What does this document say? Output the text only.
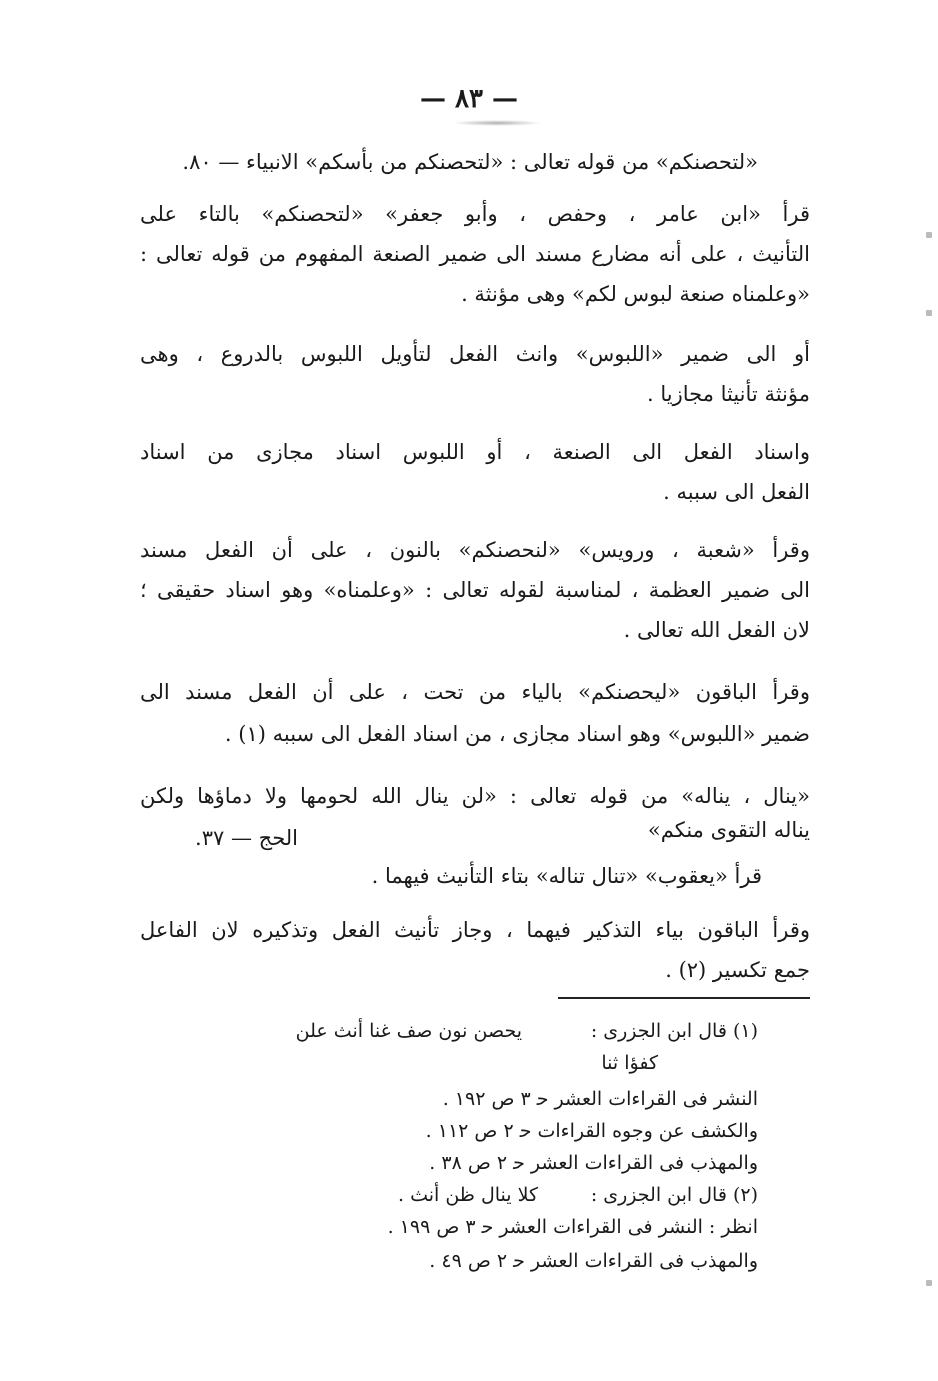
— ٨٣ —
«لتحصنكم» من قوله تعالى : «لتحصنكم من بأسكم» الانبياء — ٨٠.
قرأ «ابن عامر ، وحفص ، وأبو جعفر» «لتحصنكم» بالتاء على
التأنيث ، على أنه مضارع مسند الى ضمير الصنعة المفهوم من قوله تعالى :
«وعلمناه صنعة لبوس لكم» وهى مؤنثة .
أو الى ضمير «اللبوس» وانث الفعل لتأويل اللبوس بالدروع ، وهى
مؤنثة تأنيثا مجازيا .
واسناد الفعل الى الصنعة ، أو اللبوس اسناد مجازى من اسناد
الفعل الى سببه .
وقرأ «شعبة ، ورويس» «لنحصنكم» بالنون ، على أن الفعل مسند
الى ضمير العظمة ، لمناسبة لقوله تعالى : «وعلمناه» وهو اسناد حقيقى ؛
لان الفعل الله تعالى .
وقرأ الباقون «ليحصنكم» بالياء من تحت ، على أن الفعل مسند الى
ضمير «اللبوس» وهو اسناد مجازى ، من اسناد الفعل الى سببه (١) .
«ينال ، يناله» من قوله تعالى : «لن ينال الله لحومها ولا دماؤها ولكن
يناله التقوى منكم»
الحج — ٣٧.
قرأ «يعقوب» «تنال تناله» بتاء التأنيث فيهما .
وقرأ الباقون بياء التذكير فيهما ، وجاز تأنيث الفعل وتذكيره لان الفاعل
جمع تكسير (٢) .
(١) قال ابن الجزرى :
يحصن نون صف غنا أنث علن
كفؤا ثنا
النشر فى القراءات العشر ﺣ ٣ ص ١٩٢ .
والكشف عن وجوه القراءات ﺣ ٢ ص ١١٢ .
والمهذب فى القراءات العشر ﺣ ٢ ص ٣٨ .
(٢) قال ابن الجزرى :
كلا ينال ظن أنث .
انظر : النشر فى القراءات العشر ﺣ ٣ ص ١٩٩ .
والمهذب فى القراءات العشر ﺣ ٢ ص ٤٩ .
